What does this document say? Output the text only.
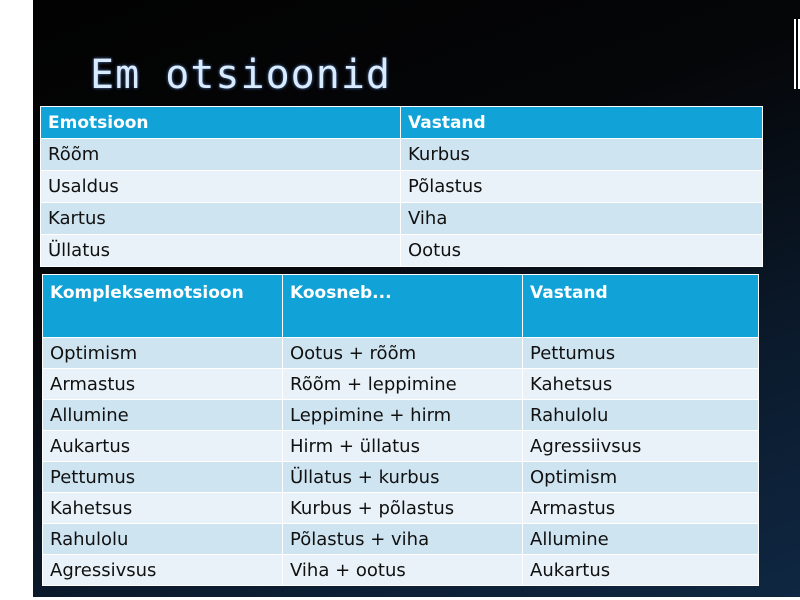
Em otsioonid
Emotsioon	Vastand
Rõõm	Kurbus
Usaldus	Põlastus
Kartus	Viha
Üllatus	Ootus
Kompleksemotsioon	Koosneb...	Vastand
Optimism	Ootus + rõõm	Pettumus
Armastus	Rõõm + leppimine	Kahetsus
Allumine	Leppimine + hirm	Rahulolu
Aukartus	Hirm + üllatus	Agressiivsus
Pettumus	Üllatus + kurbus	Optimism
Kahetsus	Kurbus + põlastus	Armastus
Rahulolu	Põlastus + viha	Allumine
Agressivsus	Viha + ootus	Aukartus
